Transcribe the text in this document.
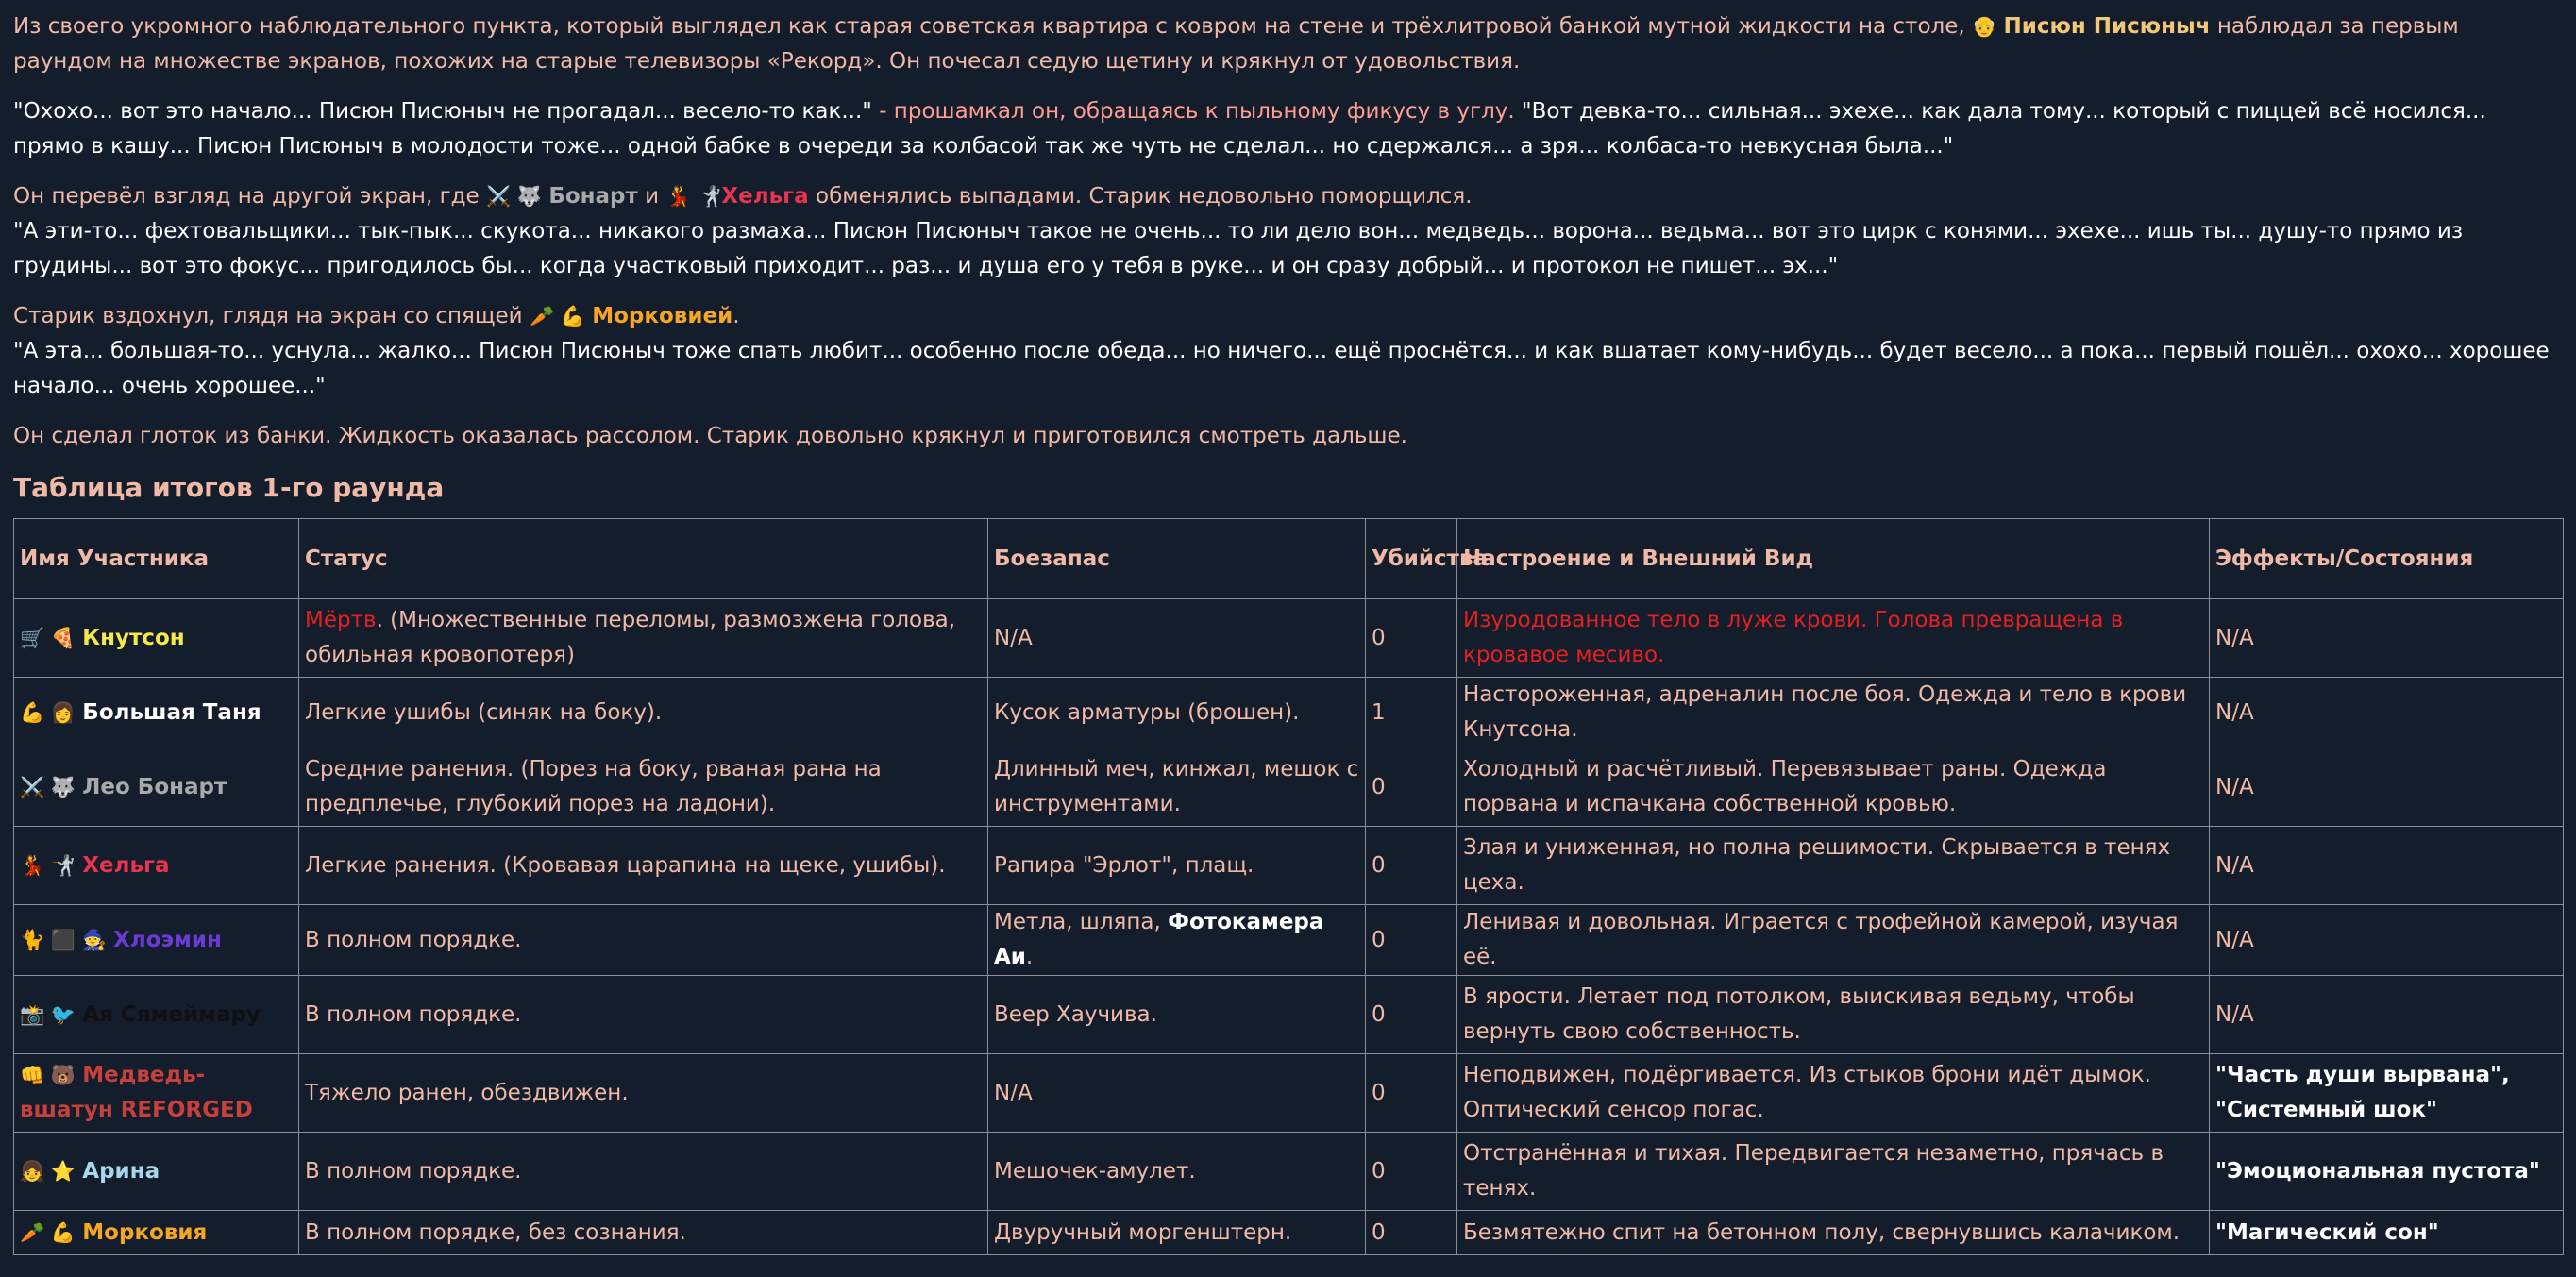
Из своего укромного наблюдательного пункта, который выглядел как старая советская квартира с ковром на стене и трёхлитровой банкой мутной жидкости на столе, 👴 Писюн Писюныч наблюдал за первым раундом на множестве экранов, похожих на старые телевизоры «Рекорд». Он почесал седую щетину и крякнул от удовольствия.

"Охохо... вот это начало... Писюн Писюныч не прогадал... весело-то как..." - прошамкал он, обращаясь к пыльному фикусу в углу. "Вот девка-то... сильная... эхехе... как дала тому... который с пиццей всё носился... прямо в кашу... Писюн Писюныч в молодости тоже... одной бабке в очереди за колбасой так же чуть не сделал... но сдержался... а зря... колбаса-то невкусная была..."

Он перевёл взгляд на другой экран, где ⚔️ 🐺 Бонарт и 💃 🤺Хельга обменялись выпадами. Старик недовольно поморщился.
"А эти-то... фехтовальщики... тык-пык... скукота... никакого размаха... Писюн Писюныч такое не очень... то ли дело вон... медведь... ворона... ведьма... вот это цирк с конями... эхехе... ишь ты... душу-то прямо из грудины... вот это фокус... пригодилось бы... когда участковый приходит... раз... и душа его у тебя в руке... и он сразу добрый... и протокол не пишет... эх..."

Старик вздохнул, глядя на экран со спящей 🥕 💪 Морковией.
"А эта... большая-то... уснула... жалко... Писюн Писюныч тоже спать любит... особенно после обеда... но ничего... ещё проснётся... и как вшатает кому-нибудь... будет весело... а пока... первый пошёл... охохо... хорошее начало... очень хорошее..."

Он сделал глоток из банки. Жидкость оказалась рассолом. Старик довольно крякнул и приготовился смотреть дальше.

Таблица итогов 1-го раунда
Имя Участника	Статус	Боезапас	Убийства	Настроение и Внешний Вид	Эффекты/Состояния
🛒 🍕 Кнутсон	Мёртв. (Множественные переломы, размозжена голова, обильная кровопотеря)	N/A	0	Изуродованное тело в луже крови. Голова превращена в кровавое месиво.	N/A
💪 👩 Большая Таня	Легкие ушибы (синяк на боку).	Кусок арматуры (брошен).	1	Настороженная, адреналин после боя. Одежда и тело в крови Кнутсона.	N/A
⚔️ 🐺 Лео Бонарт	Средние ранения. (Порез на боку, рваная рана на предплечье, глубокий порез на ладони).	Длинный меч, кинжал, мешок с инструментами.	0	Холодный и расчётливый. Перевязывает раны. Одежда порвана и испачкана собственной кровью.	N/A
💃 🤺 Хельга	Легкие ранения. (Кровавая царапина на щеке, ушибы).	Рапира "Эрлот", плащ.	0	Злая и униженная, но полна решимости. Скрывается в тенях цеха.	N/A
🐈 ⬛ 🧙 Хлоэмин	В полном порядке.	Метла, шляпа, Фотокамера Аи.	0	Ленивая и довольная. Играется с трофейной камерой, изучая её.	N/A
📸 🐦 Ая Сямеймару	В полном порядке.	Веер Хаучива.	0	В ярости. Летает под потолком, выискивая ведьму, чтобы вернуть свою собственность.	N/A
👊 🐻 Медведь-вшатун REFORGED	Тяжело ранен, обездвижен.	N/A	0	Неподвижен, подёргивается. Из стыков брони идёт дымок. Оптический сенсор погас.	"Часть души вырвана", "Системный шок"
👧 ⭐ Арина	В полном порядке.	Мешочек-амулет.	0	Отстранённая и тихая. Передвигается незаметно, прячась в тенях.	"Эмоциональная пустота"
🥕 💪 Морковия	В полном порядке, без сознания.	Двуручный моргенштерн.	0	Безмятежно спит на бетонном полу, свернувшись калачиком.	"Магический сон"
